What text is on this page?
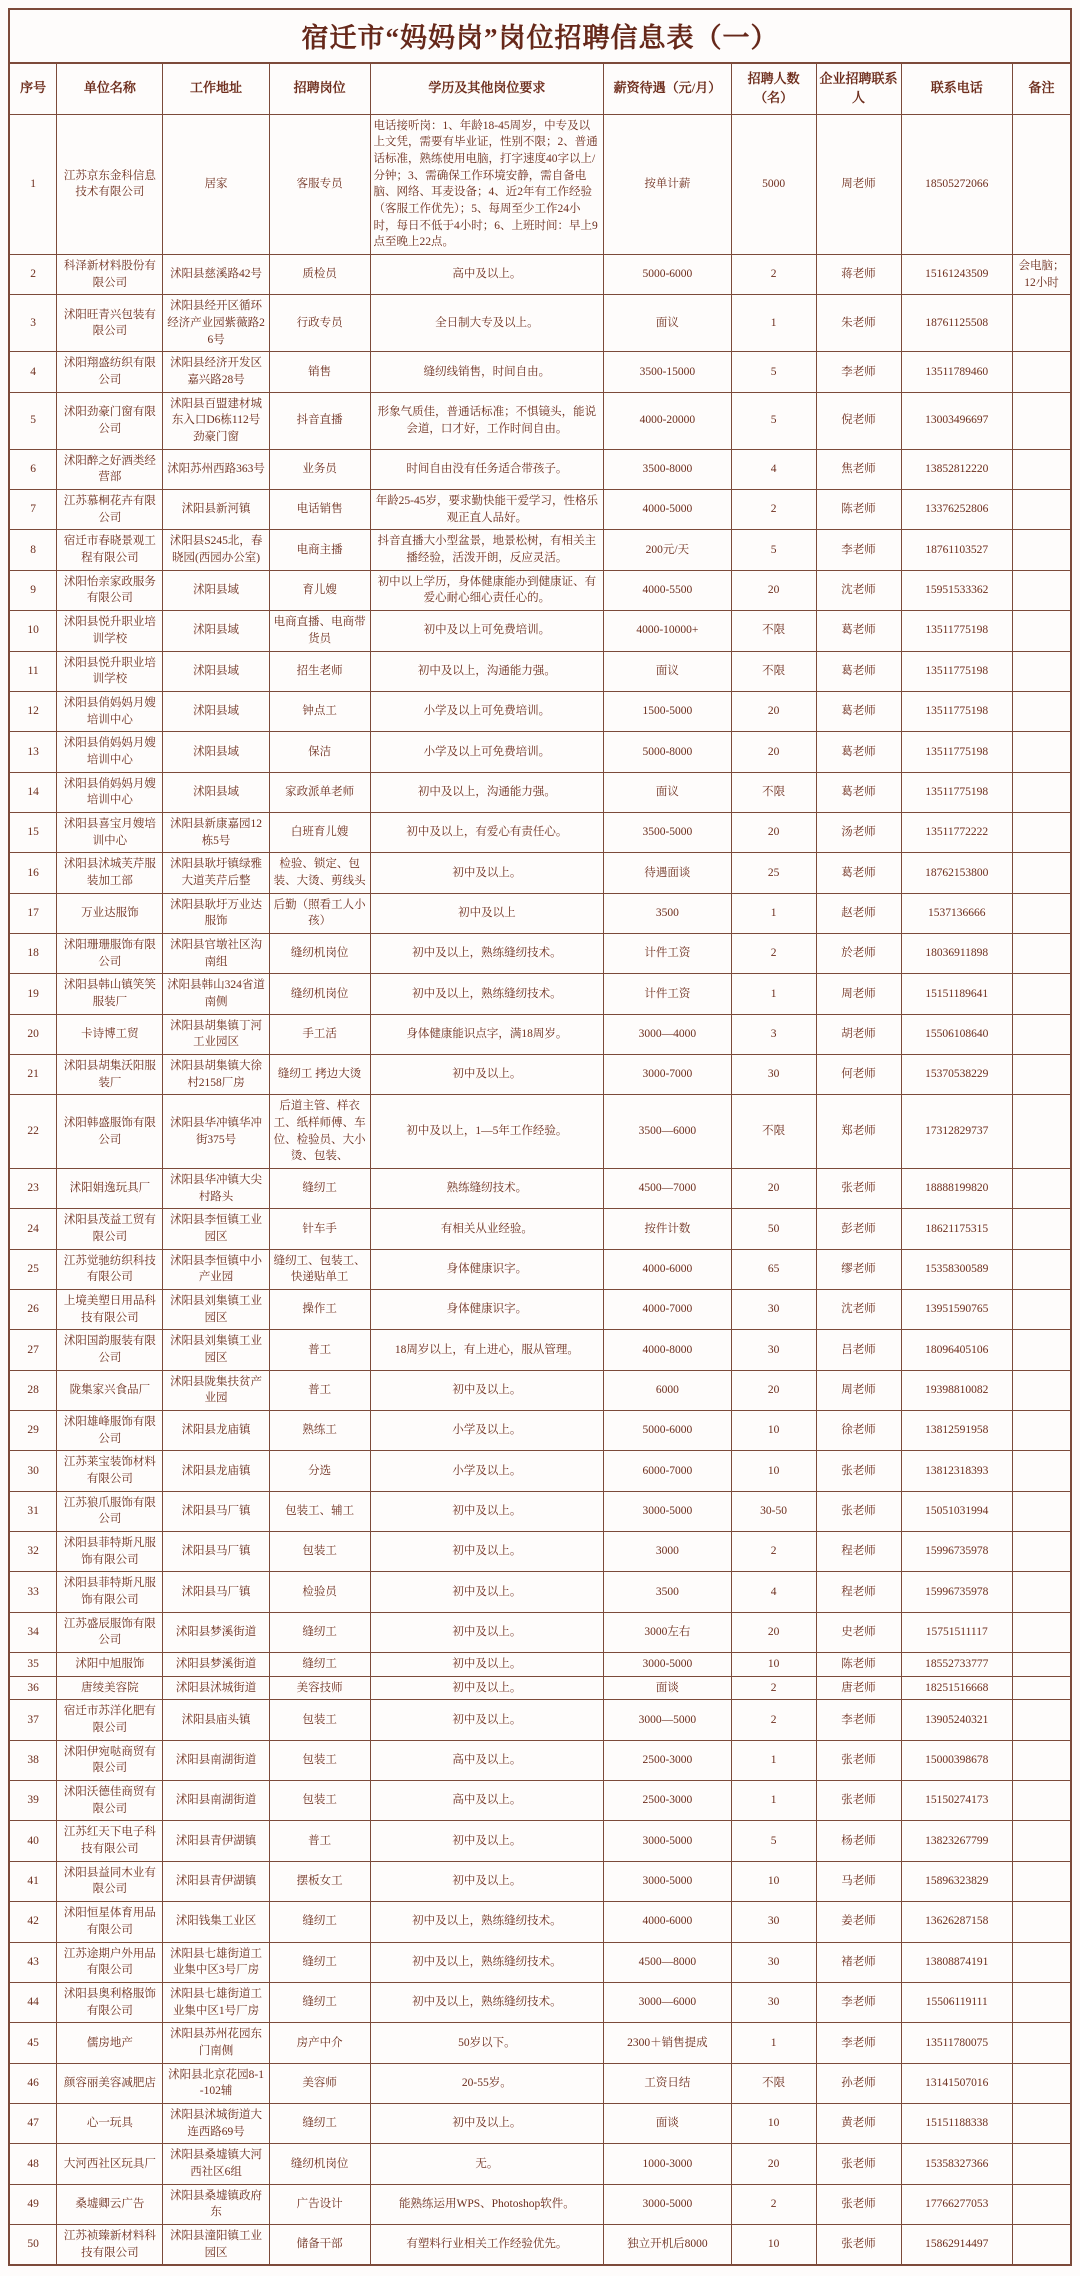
宿迁市“妈妈岗”岗位招聘信息表（一）
序号	单位名称	工作地址	招聘岗位	学历及其他岗位要求	薪资待遇（元/月）	招聘人数（名）	企业招聘联系人	联系电话	备注
1	江苏京东金科信息技术有限公司	居家	客服专员	电话接听岗：1、年龄18-45周岁，中专及以上文凭，需要有毕业证，性别不限；2、普通话标准，熟练使用电脑，打字速度40字以上/分钟；3、需确保工作环境安静，需自备电脑、网络、耳麦设备；4、近2年有工作经验（客服工作优先）；5、每周至少工作24小时，每日不低于4小时；6、上班时间：早上9点至晚上22点。	按单计薪	5000	周老师	18505272066	
2	科泽新材料股份有限公司	沭阳县慈溪路42号	质检员	高中及以上。	5000-6000	2	蒋老师	15161243509	会电脑；12小时
3	沭阳旺青兴包装有限公司	沭阳县经开区循环经济产业园紫薇路26号	行政专员	全日制大专及以上。	面议	1	朱老师	18761125508	
4	沭阳翔盛纺织有限公司	沭阳县经济开发区嘉兴路28号	销售	缝纫线销售，时间自由。	3500-15000	5	李老师	13511789460	
5	沭阳劲豪门窗有限公司	沭阳县百盟建材城东入口D6栋112号劲豪门窗	抖音直播	形象气质佳，普通话标准；不惧镜头，能说会道，口才好，工作时间自由。	4000-20000	5	倪老师	13003496697	
6	沭阳醉之好酒类经营部	沭阳苏州西路363号	业务员	时间自由没有任务适合带孩子。	3500-8000	4	焦老师	13852812220	
7	江苏慕桐花卉有限公司	沭阳县新河镇	电话销售	年龄25-45岁，要求勤快能干爱学习，性格乐观正直人品好。	4000-5000	2	陈老师	13376252806	
8	宿迁市春晓景观工程有限公司	沭阳县S245北，春晓园(西园办公室)	电商主播	抖音直播大小型盆景，地景松树，有相关主播经验，活泼开朗，反应灵活。	200元/天	5	李老师	18761103527	
9	沭阳怡亲家政服务有限公司	沭阳县域	育儿嫂	初中以上学历，身体健康能办到健康证、有爱心耐心细心责任心的。	4000-5500	20	沈老师	15951533362	
10	沭阳县悦升职业培训学校	沭阳县域	电商直播、电商带货员	初中及以上可免费培训。	4000-10000+	不限	葛老师	13511775198	
11	沭阳县悦升职业培训学校	沭阳县域	招生老师	初中及以上，沟通能力强。	面议	不限	葛老师	13511775198	
12	沭阳县俏妈妈月嫂培训中心	沭阳县域	钟点工	小学及以上可免费培训。	1500-5000	20	葛老师	13511775198	
13	沭阳县俏妈妈月嫂培训中心	沭阳县域	保洁	小学及以上可免费培训。	5000-8000	20	葛老师	13511775198	
14	沭阳县俏妈妈月嫂培训中心	沭阳县域	家政派单老师	初中及以上，沟通能力强。	面议	不限	葛老师	13511775198	
15	沭阳县喜宝月嫂培训中心	沭阳县新康嘉园12栋5号	白班育儿嫂	初中及以上，有爱心有责任心。	3500-5000	20	汤老师	13511772222	
16	沭阳县沭城芙芹服装加工部	沭阳县耿圩镇绿雅大道芙芹后整	检验、锁定、包装、大烫、剪线头	初中及以上。	待遇面谈	25	葛老师	18762153800	
17	万业达服饰	沭阳县耿圩万业达服饰	后勤（照看工人小孩）	初中及以上	3500	1	赵老师	1537136666	
18	沭阳珊珊服饰有限公司	沭阳县官墩社区沟南组	缝纫机岗位	初中及以上，熟练缝纫技术。	计件工资	2	於老师	18036911898	
19	沭阳县韩山镇笑笑服装厂	沭阳县韩山324省道南侧	缝纫机岗位	初中及以上，熟练缝纫技术。	计件工资	1	周老师	15151189641	
20	卡诗博工贸	沭阳县胡集镇丁河工业园区	手工活	身体健康能识点字，满18周岁。	3000—4000	3	胡老师	15506108640	
21	沭阳县胡集沃阳服装厂	沭阳县胡集镇大徐村2158厂房	缝纫工 拷边大烫	初中及以上。	3000-7000	30	何老师	15370538229	
22	沭阳韩盛服饰有限公司	沭阳县华冲镇华冲街375号	后道主管、样衣工、纸样师傅、车位、检验员、大小烫、包装、	初中及以上，1—5年工作经验。	3500—6000	不限	郑老师	17312829737	
23	沭阳娟逸玩具厂	沭阳县华冲镇大尖村路头	缝纫工	熟练缝纫技术。	4500—7000	20	张老师	18888199820	
24	沭阳县茂益工贸有限公司	沭阳县李恒镇工业园区	针车手	有相关从业经验。	按件计数	50	彭老师	18621175315	
25	江苏觉驰纺织科技有限公司	沭阳县李恒镇中小产业园	缝纫工、包装工、快递贴单工	身体健康识字。	4000-6000	65	缪老师	15358300589	
26	上境美塑日用品科技有限公司	沭阳县刘集镇工业园区	操作工	身体健康识字。	4000-7000	30	沈老师	13951590765	
27	沭阳国韵服装有限公司	沭阳县刘集镇工业园区	普工	18周岁以上，有上进心，服从管理。	4000-8000	30	吕老师	18096405106	
28	陇集家兴食品厂	沭阳县陇集扶贫产业园	普工	初中及以上。	6000	20	周老师	19398810082	
29	沭阳雄峰服饰有限公司	沭阳县龙庙镇	熟练工	小学及以上。	5000-6000	10	徐老师	13812591958	
30	江苏莱宝装饰材料有限公司	沭阳县龙庙镇	分选	小学及以上。	6000-7000	10	张老师	13812318393	
31	江苏狼爪服饰有限公司	沭阳县马厂镇	包装工、辅工	初中及以上。	3000-5000	30-50	张老师	15051031994	
32	沭阳县菲特斯凡服饰有限公司	沭阳县马厂镇	包装工	初中及以上。	3000	2	程老师	15996735978	
33	沭阳县菲特斯凡服饰有限公司	沭阳县马厂镇	检验员	初中及以上。	3500	4	程老师	15996735978	
34	江苏盛辰服饰有限公司	沭阳县梦溪街道	缝纫工	初中及以上。	3000左右	20	史老师	15751511117	
35	沭阳中旭服饰	沭阳县梦溪街道	缝纫工	初中及以上。	3000-5000	10	陈老师	18552733777	
36	唐绫美容院	沭阳县沭城街道	美容技师	初中及以上。	面谈	2	唐老师	18251516668	
37	宿迁市苏洋化肥有限公司	沭阳县庙头镇	包装工	初中及以上。	3000—5000	2	李老师	13905240321	
38	沭阳伊宛哒商贸有限公司	沭阳县南湖街道	包装工	高中及以上。	2500-3000	1	张老师	15000398678	
39	沭阳沃德佳商贸有限公司	沭阳县南湖街道	包装工	高中及以上。	2500-3000	1	张老师	15150274173	
40	江苏红天下电子科技有限公司	沭阳县青伊湖镇	普工	初中及以上。	3000-5000	5	杨老师	13823267799	
41	沭阳县益同木业有限公司	沭阳县青伊湖镇	摆板女工	初中及以上。	3000-5000	10	马老师	15896323829	
42	沭阳恒星体育用品有限公司	沭阳钱集工业区	缝纫工	初中及以上，熟练缝纫技术。	4000-6000	30	姜老师	13626287158	
43	江苏途期户外用品有限公司	沭阳县七雄街道工业集中区3号厂房	缝纫工	初中及以上，熟练缝纫技术。	4500—8000	30	褚老师	13808874191	
44	沭阳县奥利格服饰有限公司	沭阳县七雄街道工业集中区1号厂房	缝纫工	初中及以上，熟练缝纫技术。	3000—6000	30	李老师	15506119111	
45	儒房地产	沭阳县苏州花园东门南侧	房产中介	50岁以下。	2300＋销售提成	1	李老师	13511780075	
46	颜容丽美容减肥店	沭阳县北京花园8-1-102辅	美容师	20-55岁。	工资日结	不限	孙老师	13141507016	
47	心一玩具	沭阳县沭城街道大连西路69号	缝纫工	初中及以上。	面谈	10	黄老师	15151188338	
48	大河西社区玩具厂	沭阳县桑墟镇大河西社区6组	缝纫机岗位	无。	1000-3000	20	张老师	15358327366	
49	桑墟卿云广告	沭阳县桑墟镇政府东	广告设计	能熟练运用WPS、Photoshop软件。	3000-5000	2	张老师	17766277053	
50	江苏祯臻新材料科技有限公司	沭阳县潼阳镇工业园区	储备干部	有塑料行业相关工作经验优先。	独立开机后8000	10	张老师	15862914497	
